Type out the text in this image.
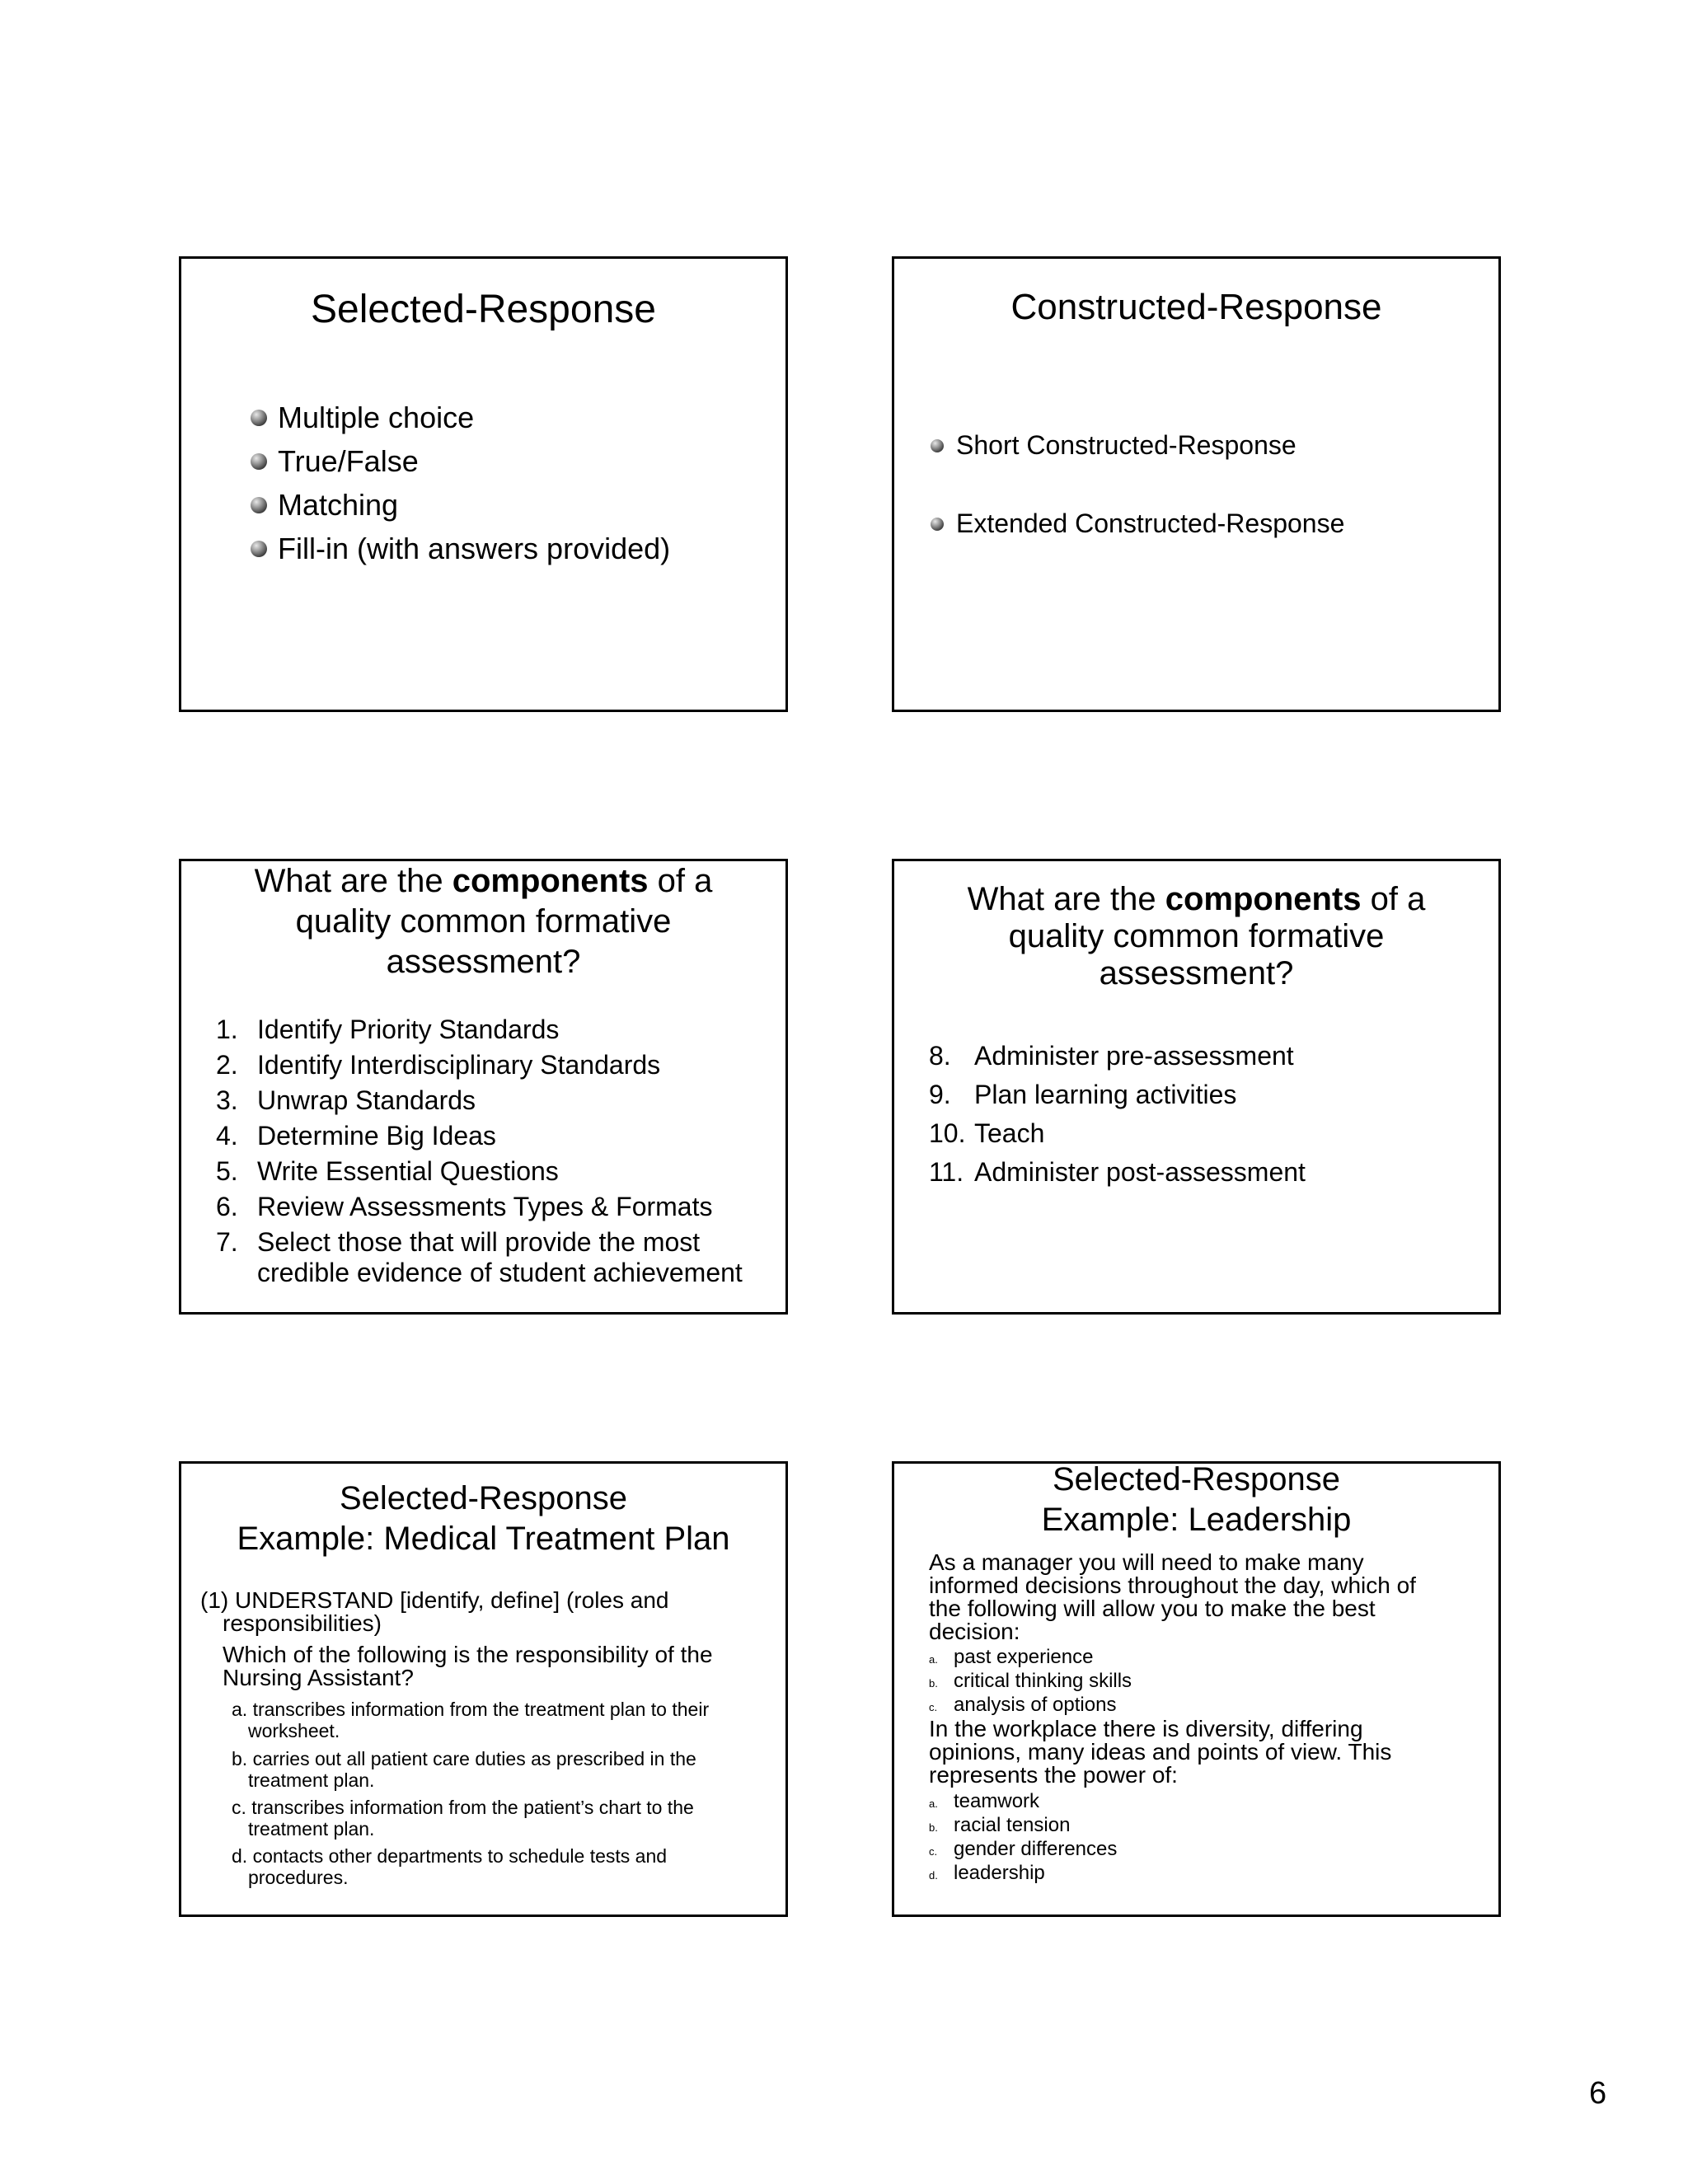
Selected-Response
Multiple choice
True/False
Matching
Fill-in (with answers provided)
Constructed-Response
Short Constructed-Response
Extended Constructed-Response
What are the components of a
quality common formative
assessment?
1. Identify Priority Standards
2. Identify Interdisciplinary Standards
3. Unwrap Standards
4. Determine Big Ideas
5. Write Essential Questions
6. Review Assessments Types & Formats
7. Select those that will provide the most
credible evidence of student achievement
What are the components of a
quality common formative
assessment?
8. Administer pre-assessment
9. Plan learning activities
10. Teach
11. Administer post-assessment
Selected-Response
Example: Medical Treatment Plan
(1) UNDERSTAND [identify, define] (roles and
responsibilities)
Which of the following is the responsibility of the
Nursing Assistant?
a. transcribes information from the treatment plan to their
worksheet.
b. carries out all patient care duties as prescribed in the
treatment plan.
c. transcribes information from the patient’s chart to the
treatment plan.
d. contacts other departments to schedule tests and
procedures.
Selected-Response
Example: Leadership
As a manager you will need to make many
informed decisions throughout the day, which of
the following will allow you to make the best
decision:
a. past experience
b. critical thinking skills
c. analysis of options
In the workplace there is diversity, differing
opinions, many ideas and points of view. This
represents the power of:
a. teamwork
b. racial tension
c. gender differences
d. leadership
6
